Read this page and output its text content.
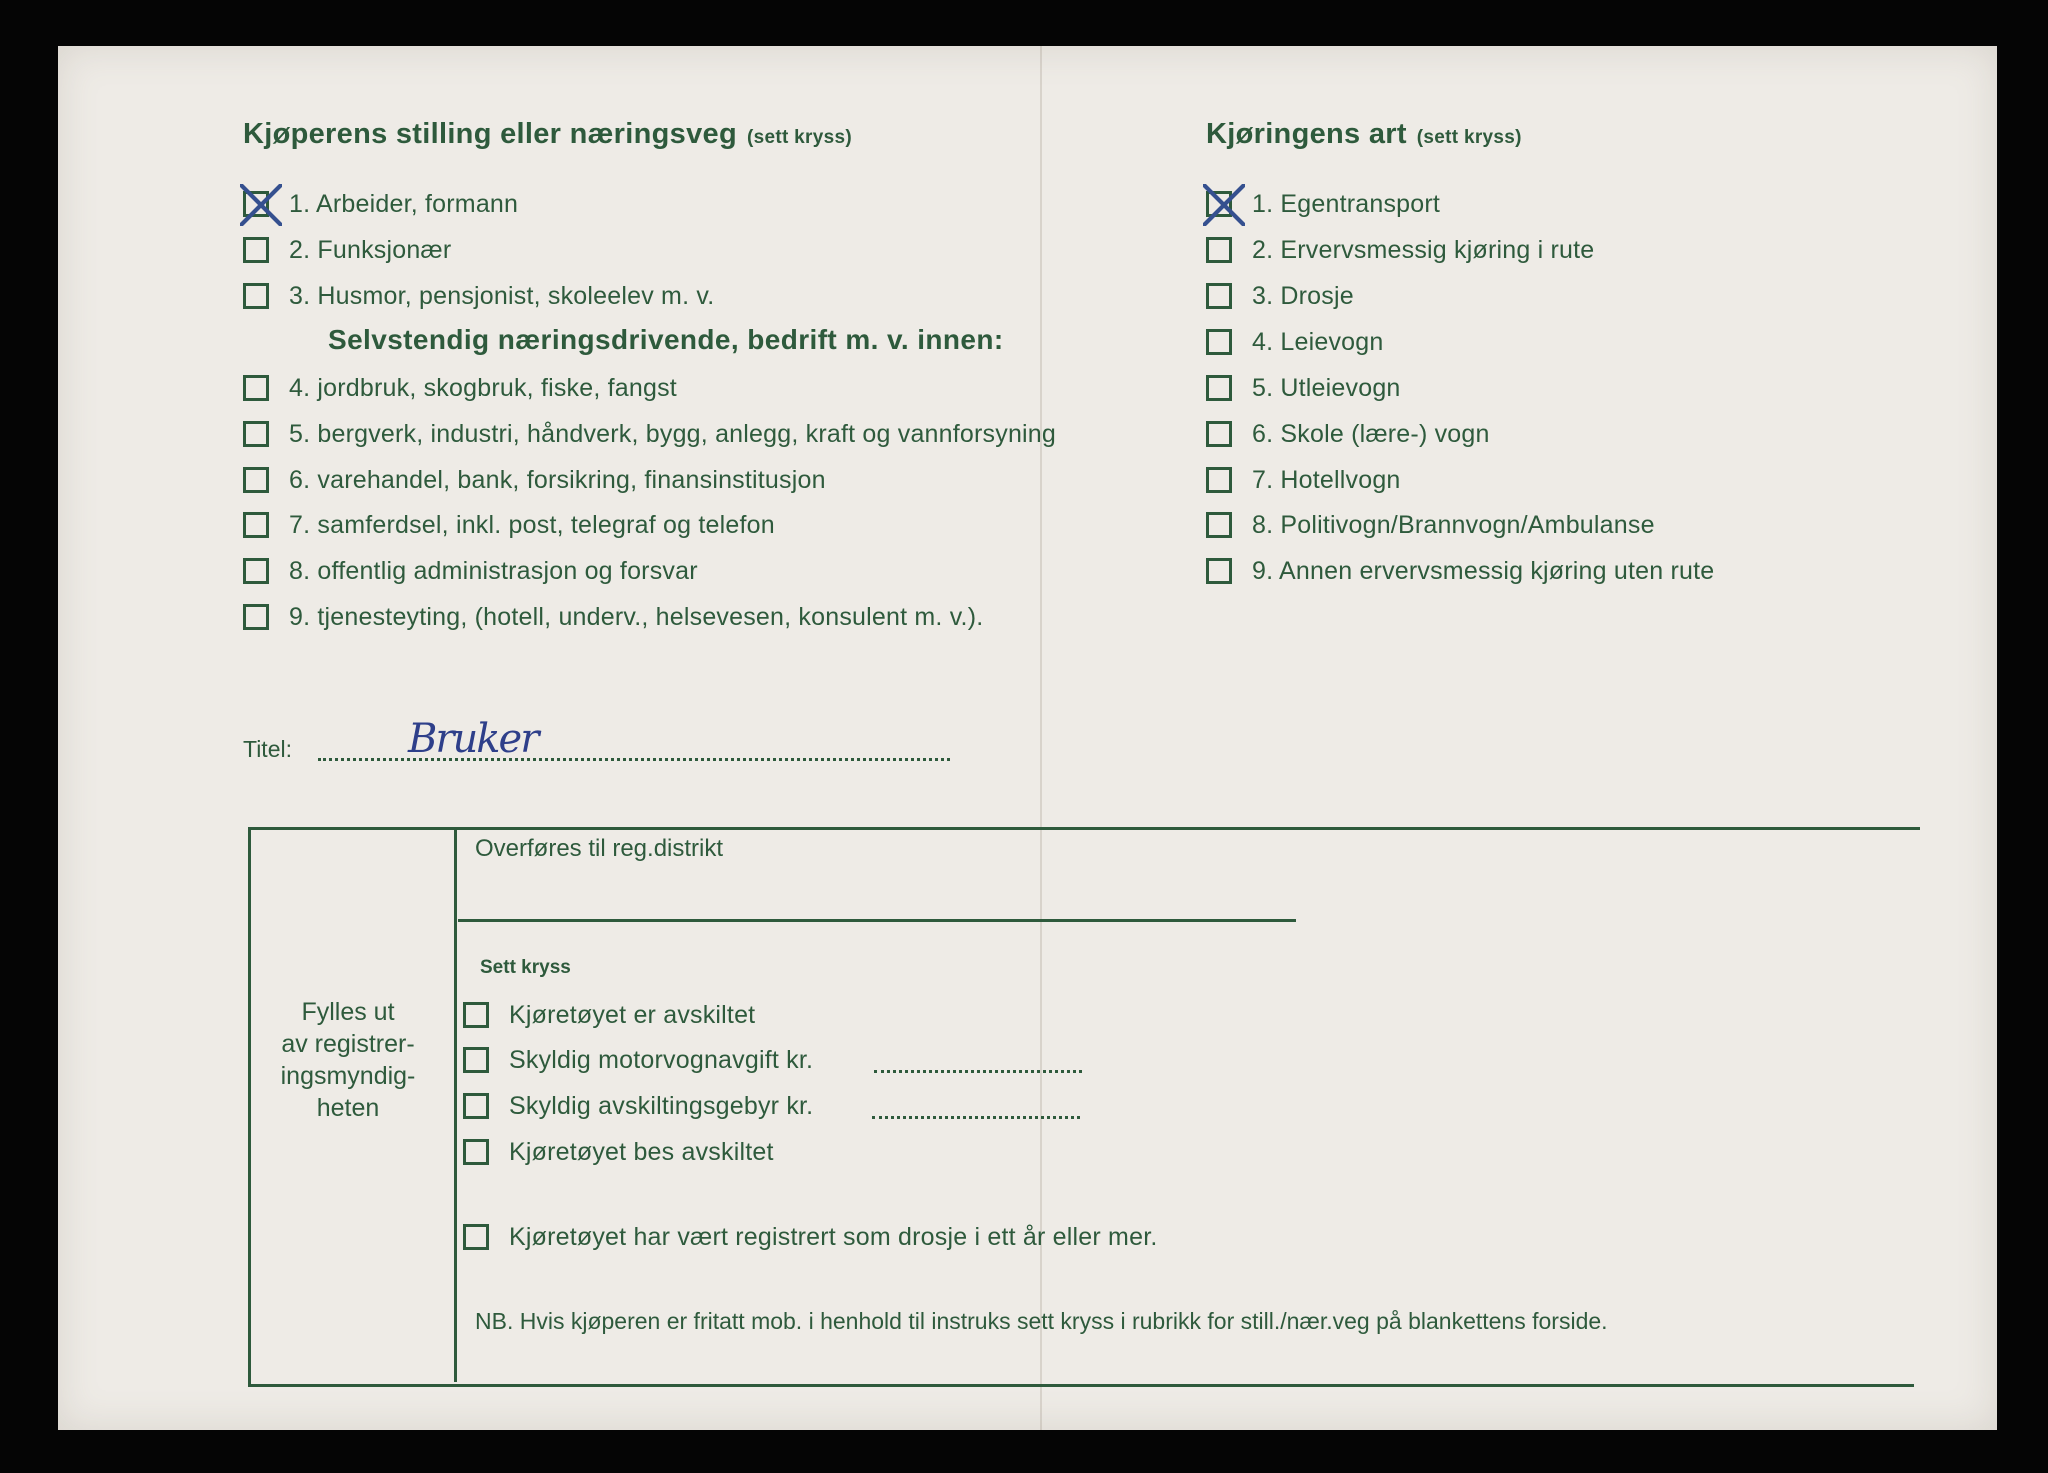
Kjøperens stilling eller næringsveg (sett kryss)
1. Arbeider, formann
2. Funksjonær
3. Husmor, pensjonist, skoleelev m. v.
Selvstendig næringsdrivende, bedrift m. v. innen:
4. jordbruk, skogbruk, fiske, fangst
5. bergverk, industri, håndverk, bygg, anlegg, kraft og vannforsyning
6. varehandel, bank, forsikring, finansinstitusjon
7. samferdsel, inkl. post, telegraf og telefon
8. offentlig administrasjon og forsvar
9. tjenesteyting, (hotell, underv., helsevesen, konsulent m. v.).
Kjøringens art (sett kryss)
1. Egentransport
2. Ervervsmessig kjøring i rute
3. Drosje
4. Leievogn
5. Utleievogn
6. Skole (lære-) vogn
7. Hotellvogn
8. Politivogn/Brannvogn/Ambulanse
9. Annen ervervsmessig kjøring uten rute
Titel:	Bruker
Fylles ut
av registrer-
ingsmyndig-
heten
Overføres til reg.distrikt
Sett kryss
Kjøretøyet er avskiltet
Skyldig motorvognavgift kr.
Skyldig avskiltingsgebyr kr.
Kjøretøyet bes avskiltet
Kjøretøyet har vært registrert som drosje i ett år eller mer.
NB. Hvis kjøperen er fritatt mob. i henhold til instruks sett kryss i rubrikk for still./nær.veg på blankettens forside.
